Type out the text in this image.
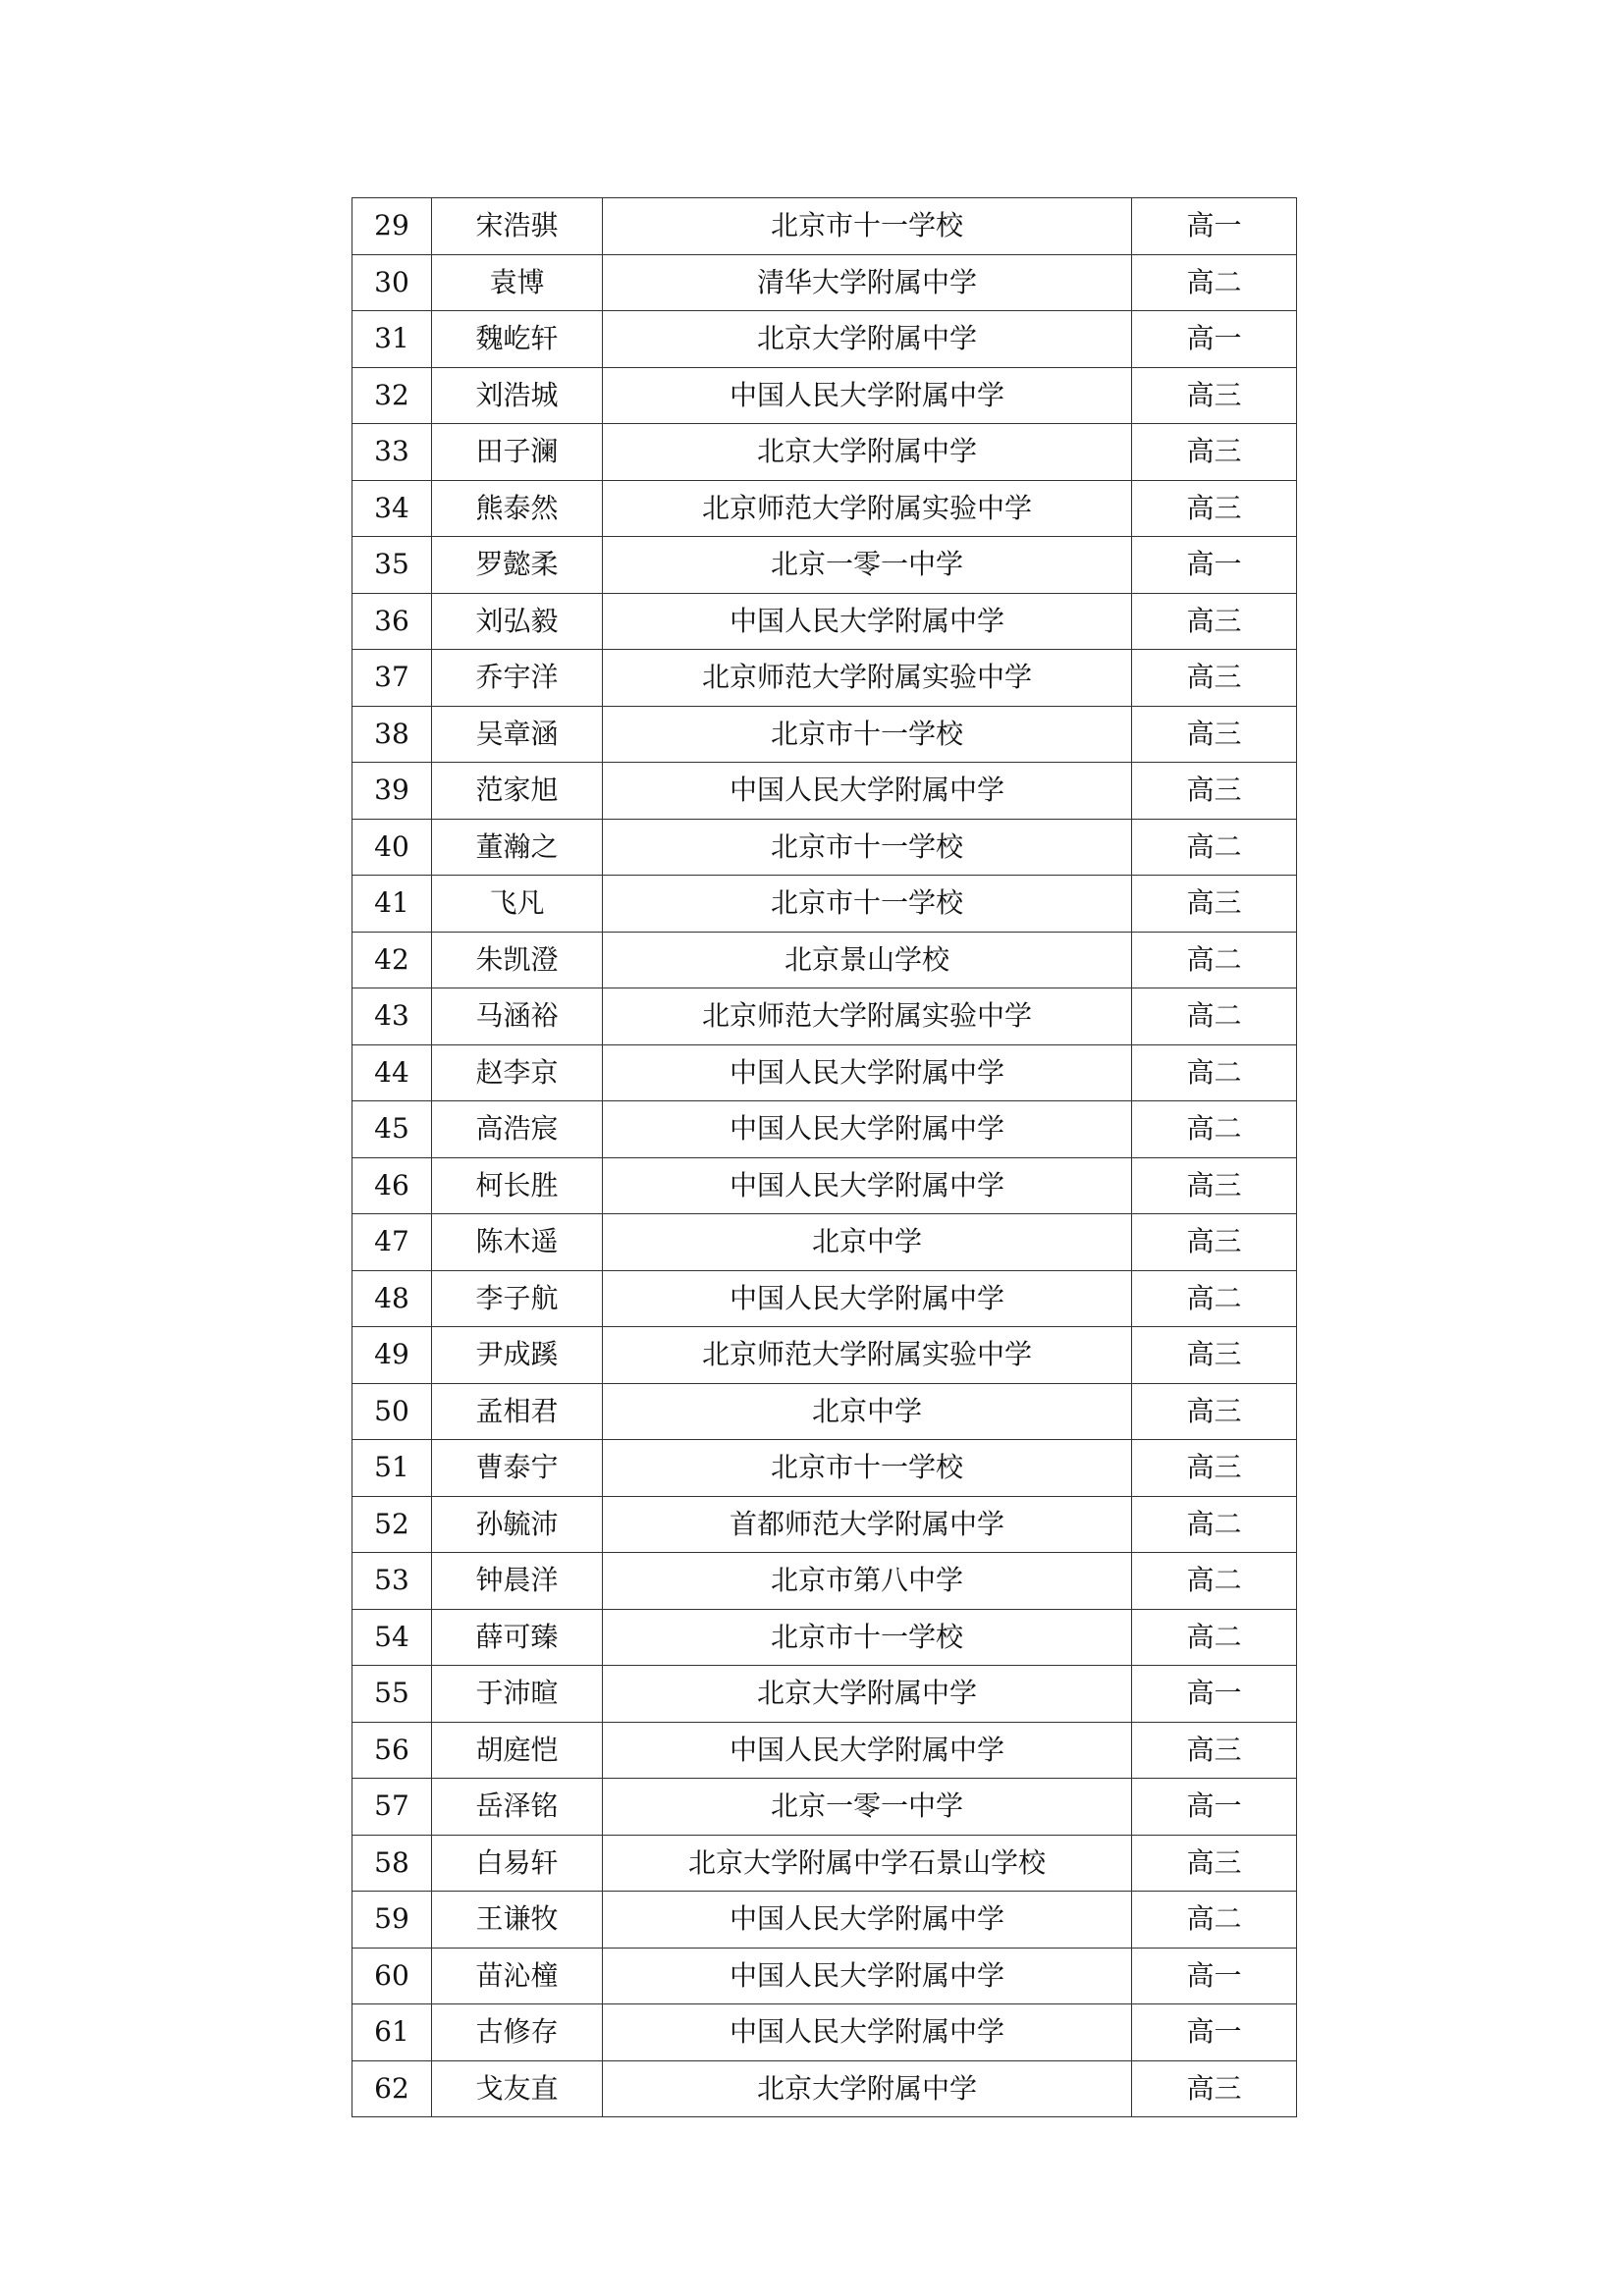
29	宋浩骐	北京市十一学校	高一
30	袁博	清华大学附属中学	高二
31	魏屹轩	北京大学附属中学	高一
32	刘浩城	中国人民大学附属中学	高三
33	田子澜	北京大学附属中学	高三
34	熊泰然	北京师范大学附属实验中学	高三
35	罗懿柔	北京一零一中学	高一
36	刘弘毅	中国人民大学附属中学	高三
37	乔宇洋	北京师范大学附属实验中学	高三
38	吴章涵	北京市十一学校	高三
39	范家旭	中国人民大学附属中学	高三
40	董瀚之	北京市十一学校	高二
41	飞凡	北京市十一学校	高三
42	朱凯澄	北京景山学校	高二
43	马涵裕	北京师范大学附属实验中学	高二
44	赵李京	中国人民大学附属中学	高二
45	高浩宸	中国人民大学附属中学	高二
46	柯长胜	中国人民大学附属中学	高三
47	陈木遥	北京中学	高三
48	李子航	中国人民大学附属中学	高二
49	尹成蹊	北京师范大学附属实验中学	高三
50	孟相君	北京中学	高三
51	曹泰宁	北京市十一学校	高三
52	孙毓沛	首都师范大学附属中学	高二
53	钟晨洋	北京市第八中学	高二
54	薛可臻	北京市十一学校	高二
55	于沛暄	北京大学附属中学	高一
56	胡庭恺	中国人民大学附属中学	高三
57	岳泽铭	北京一零一中学	高一
58	白易轩	北京大学附属中学石景山学校	高三
59	王谦牧	中国人民大学附属中学	高二
60	苗沁橦	中国人民大学附属中学	高一
61	古修存	中国人民大学附属中学	高一
62	戈友直	北京大学附属中学	高三
